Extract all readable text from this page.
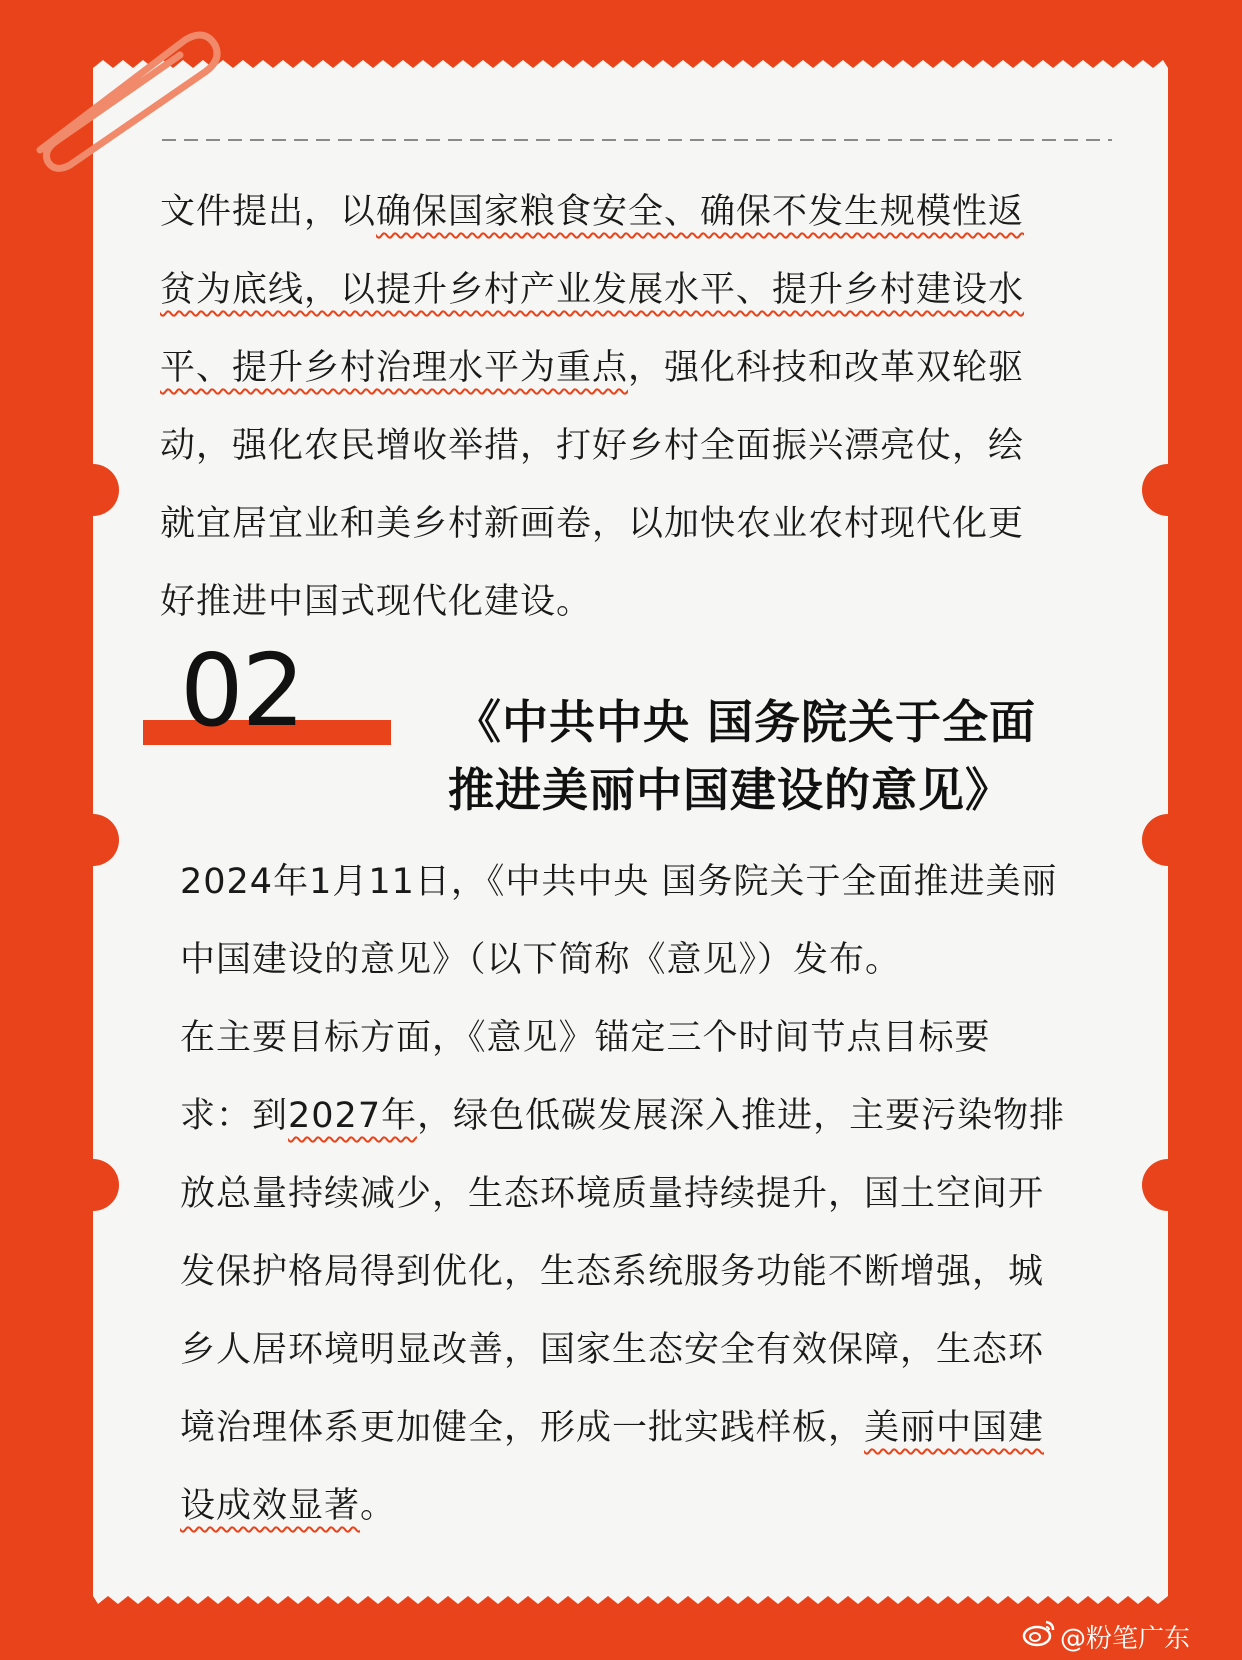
文件提出，以确保国家粮食安全、确保不发生规模性返
贫为底线，以提升乡村产业发展水平、提升乡村建设水
平、提升乡村治理水平为重点，强化科技和改革双轮驱
动，强化农民增收举措，打好乡村全面振兴漂亮仗，绘
就宜居宜业和美乡村新画卷，以加快农业农村现代化更
好推进中国式现代化建设。
02	《中共中央 国务院关于全面
推进美丽中国建设的意见》
2024年1月11日，《中共中央 国务院关于全面推进美丽
中国建设的意见》（以下简称《意见》）发布。
在主要目标方面，《意见》锚定三个时间节点目标要
求：到2027年，绿色低碳发展深入推进，主要污染物排
放总量持续减少，生态环境质量持续提升，国土空间开
发保护格局得到优化，生态系统服务功能不断增强，城
乡人居环境明显改善，国家生态安全有效保障，生态环
境治理体系更加健全，形成一批实践样板，美丽中国建
设成效显著。
@粉笔广东
